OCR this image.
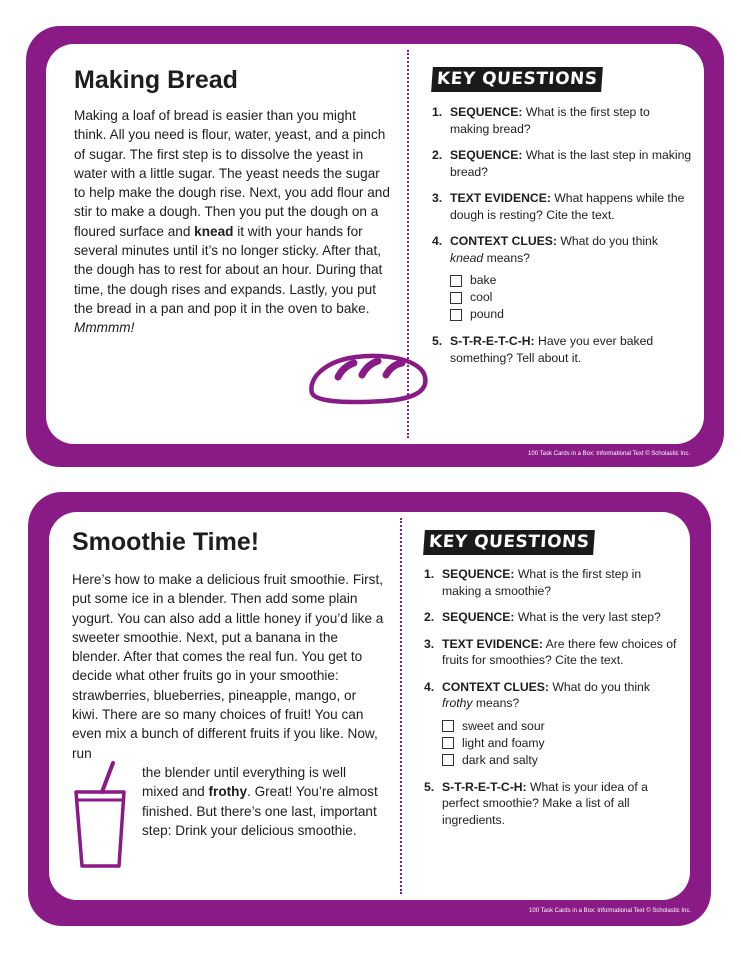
Making Bread

Making a loaf of bread is easier than you might think. All you need is flour, water, yeast, and a pinch of sugar. The first step is to dissolve the yeast in water with a little sugar. The yeast needs the sugar to help make the dough rise. Next, you add flour and stir to make a dough. Then you put the dough on a floured surface and knead it with your hands for several minutes until it’s no longer sticky. After that, the dough has to rest for about an hour. During that time, the dough rises and expands. Lastly, you put the bread in a pan and pop it in the oven to bake. Mmmmm!

KEY QUESTIONS
1. SEQUENCE: What is the first step to making bread?
2. SEQUENCE: What is the last step in making bread?
3. TEXT EVIDENCE: What happens while the dough is resting? Cite the text.
4. CONTEXT CLUES: What do you think knead means?
bake
cool
pound
5. S-T-R-E-T-C-H: Have you ever baked something? Tell about it.
100 Task Cards in a Box: Informational Text © Scholastic Inc.
Smoothie Time!
Here’s how to make a delicious fruit smoothie. First, put some ice in a blender. Then add some plain yogurt. You can also add a little honey if you’d like a sweeter smoothie. Next, put a banana in the blender. After that comes the real fun. You get to decide what other fruits go in your smoothie: strawberries, blueberries, pineapple, mango, or kiwi. There are so many choices of fruit! You can even mix a bunch of different fruits if you like. Now, run
the blender until everything is well mixed and frothy. Great! You’re almost finished. But there’s one last, important step: Drink your delicious smoothie.
KEY QUESTIONS
1. SEQUENCE: What is the first step in making a smoothie?
2. SEQUENCE: What is the very last step?
3. TEXT EVIDENCE: Are there few choices of fruits for smoothies? Cite the text.
4. CONTEXT CLUES: What do you think frothy means?
sweet and sour
light and foamy
dark and salty
5. S-T-R-E-T-C-H: What is your idea of a perfect smoothie? Make a list of all ingredients.
100 Task Cards in a Box: Informational Text © Scholastic Inc.
